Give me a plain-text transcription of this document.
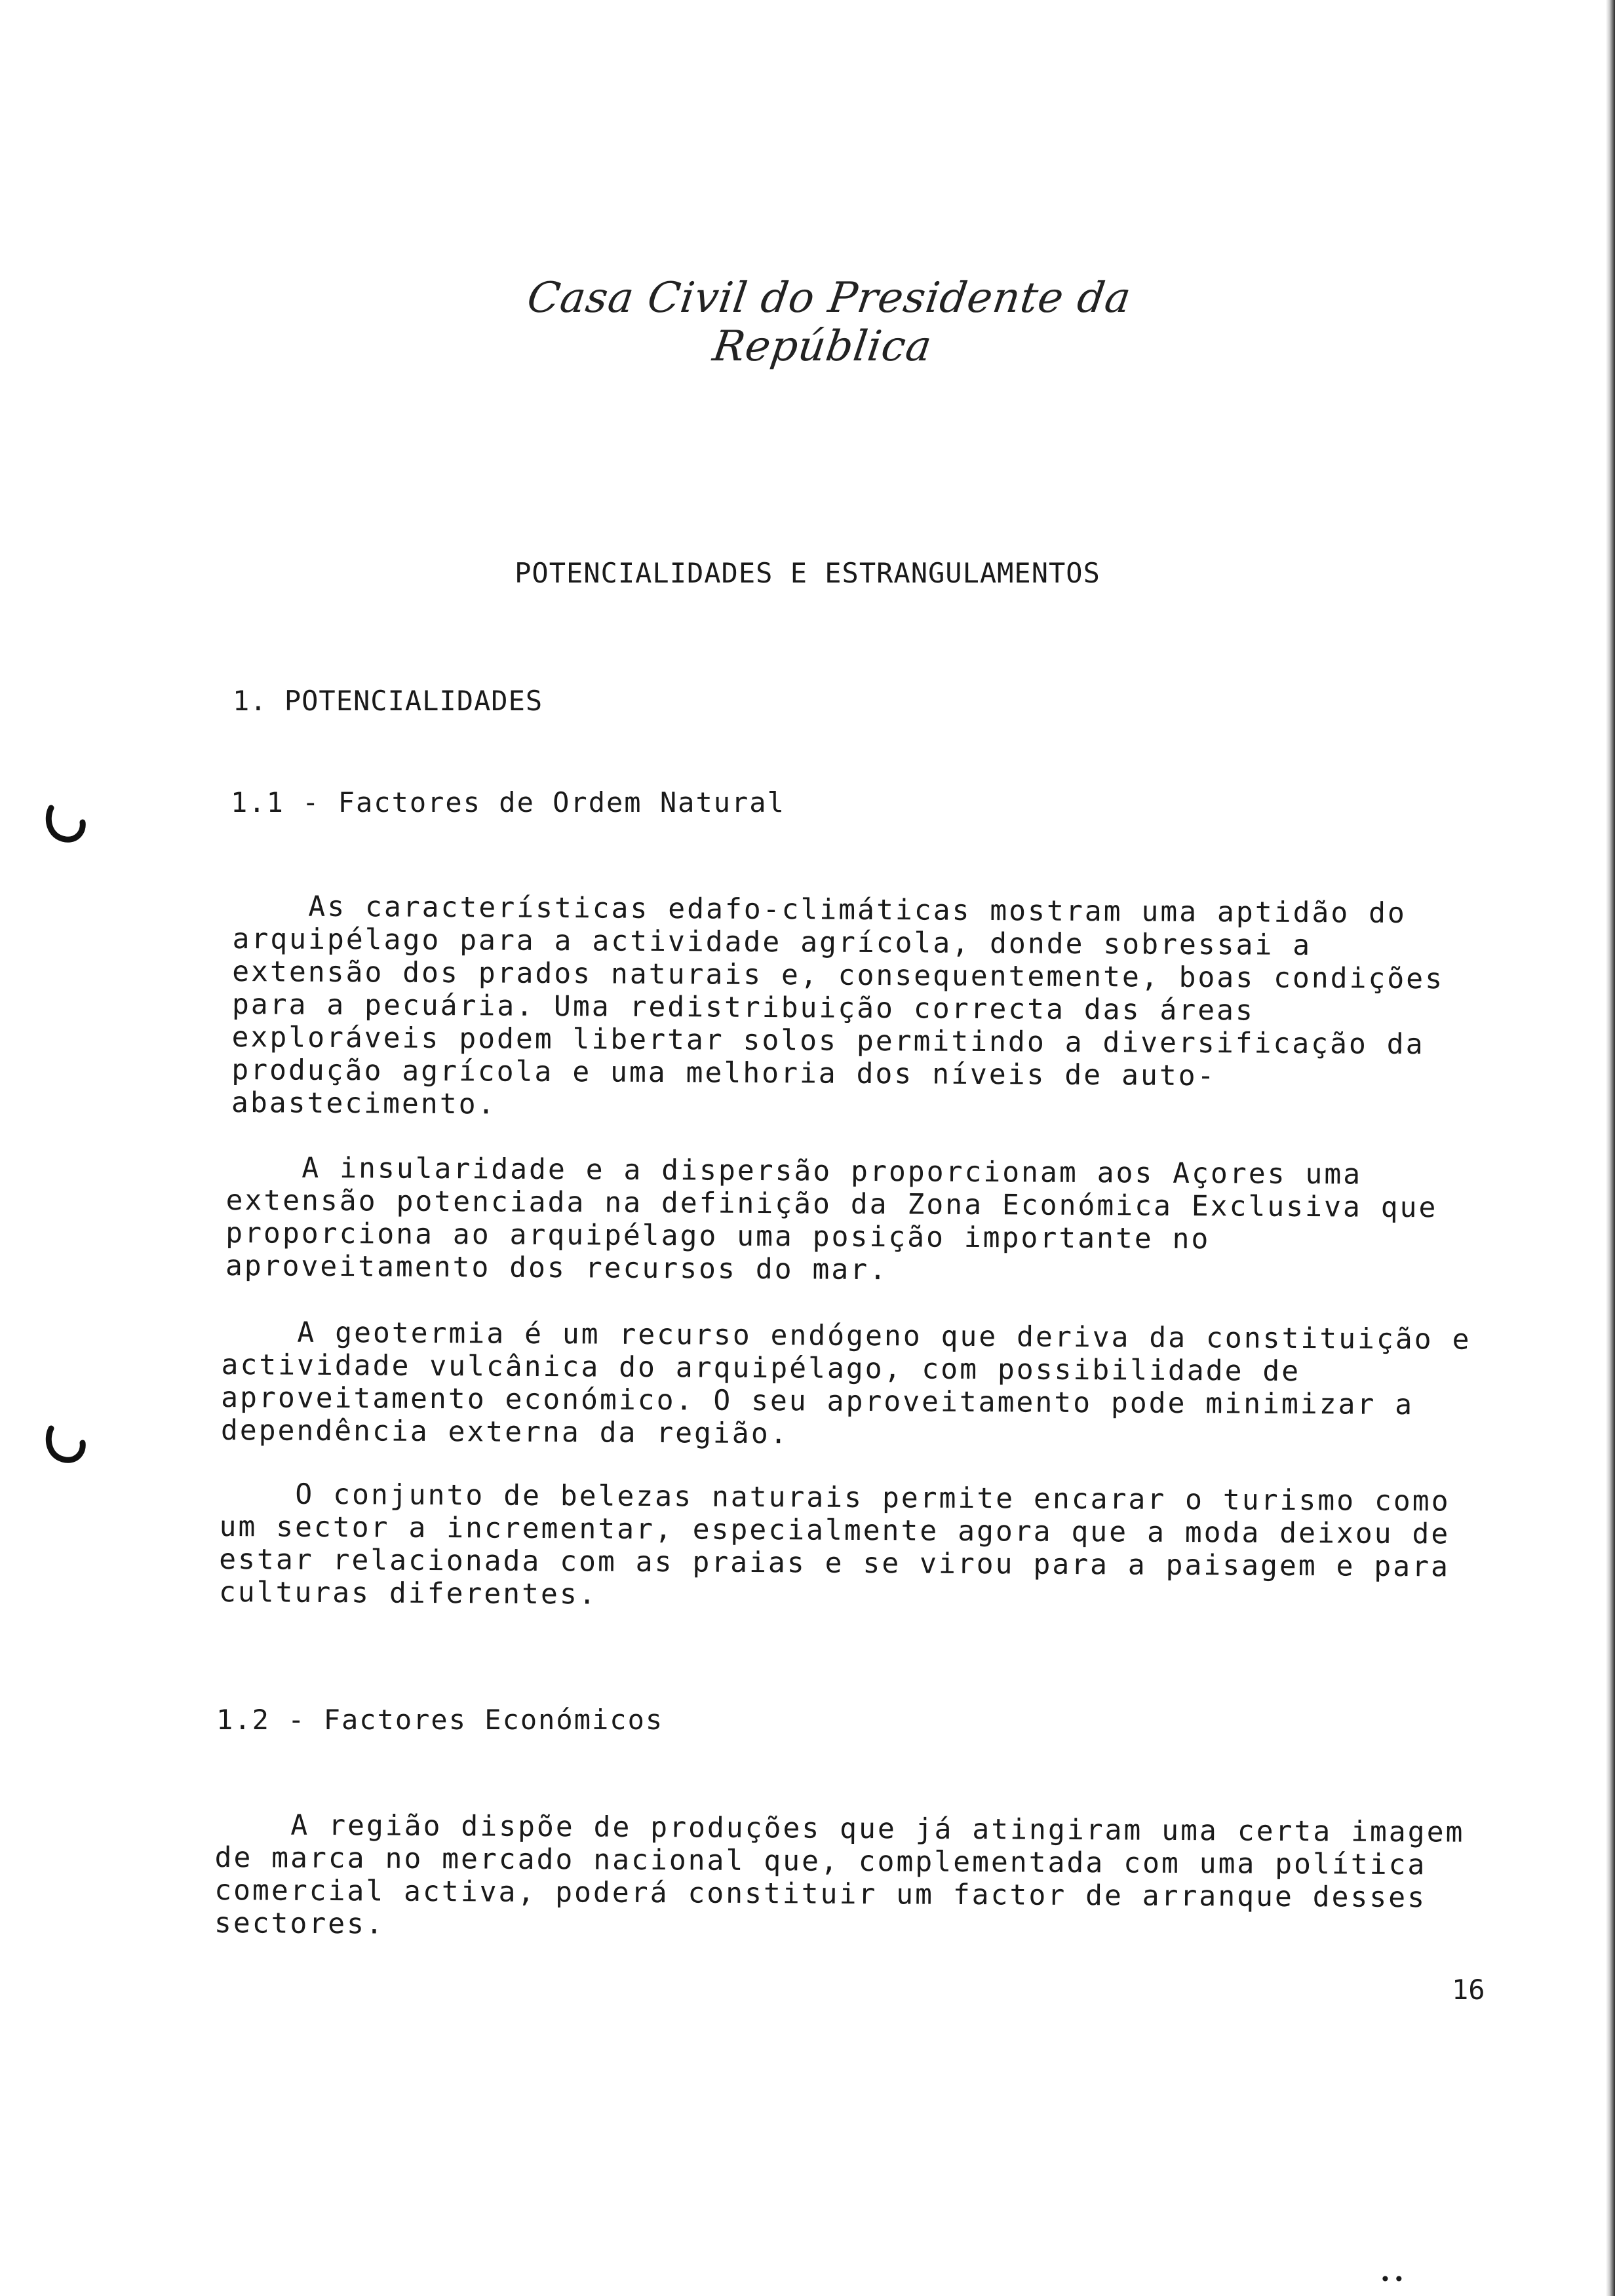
Casa Civil do Presidente da República
POTENCIALIDADES E ESTRANGULAMENTOS
1. POTENCIALIDADES
1.1 - Factores de Ordem Natural
As características edafo-climáticas mostram uma aptidão do
arquipélago para a actividade agrícola, donde sobressai a
extensão dos prados naturais e, consequentemente, boas condições
para a pecuária. Uma redistribuição correcta das áreas
exploráveis podem libertar solos permitindo a diversificação da
produção agrícola e uma melhoria dos níveis de auto-
abastecimento.
A insularidade e a dispersão proporcionam aos Açores uma
extensão potenciada na definição da Zona Económica Exclusiva que
proporciona ao arquipélago uma posição importante no
aproveitamento dos recursos do mar.
A geotermia é um recurso endógeno que deriva da constituição e
actividade vulcânica do arquipélago, com possibilidade de
aproveitamento económico. O seu aproveitamento pode minimizar a
dependência externa da região.
O conjunto de belezas naturais permite encarar o turismo como
um sector a incrementar, especialmente agora que a moda deixou de
estar relacionada com as praias e se virou para a paisagem e para
culturas diferentes.
1.2 - Factores Económicos
A região dispõe de produções que já atingiram uma certa imagem
de marca no mercado nacional que, complementada com uma política
comercial activa, poderá constituir um factor de arranque desses
sectores.
16
••
